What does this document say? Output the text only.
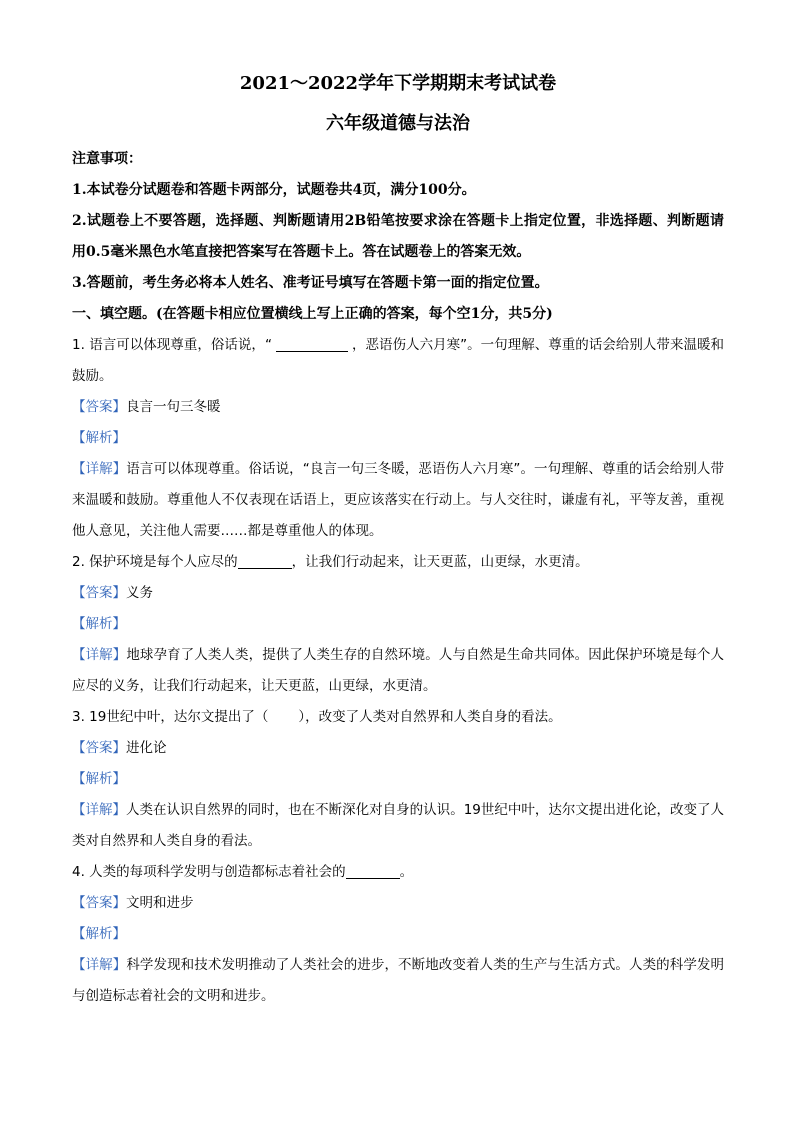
2021～2022学年下学期期末考试试卷
六年级道德与法治

注意事项：

1.本试卷分试题卷和答题卡两部分，试题卷共4页，满分100分。

2.试题卷上不要答题，选择题、判断题请用2B铅笔按要求涂在答题卡上指定位置，非选择题、判断题请用0.5毫米黑色水笔直接把答案写在答题卡上。答在试题卷上的答案无效。

3.答题前，考生务必将本人姓名、准考证号填写在答题卡第一面的指定位置。

一、填空题。(在答题卡相应位置横线上写上正确的答案，每个空1分，共5分)

1. 语言可以体现尊重，俗话说，“	，恶语伤人六月寒”。一句理解、尊重的话会给别人带来温暖和鼓励。

【答案】良言一句三冬暖

【解析】

【详解】语言可以体现尊重。俗话说，“良言一句三冬暖，恶语伤人六月寒”。一句理解、尊重的话会给别人带来温暖和鼓励。尊重他人不仅表现在话语上，更应该落实在行动上。与人交往时，谦虚有礼，平等友善，重视他人意见，关注他人需要……都是尊重他人的体现。

2. 保护环境是每个人应尽的	，让我们行动起来，让天更蓝，山更绿，水更清。

【答案】义务

【解析】

【详解】地球孕育了人类人类，提供了人类生存的自然环境。人与自然是生命共同体。因此保护环境是每个人应尽的义务，让我们行动起来，让天更蓝，山更绿，水更清。

3. 19世纪中叶，达尔文提出了（ ），改变了人类对自然界和人类自身的看法。

【答案】进化论

【解析】

【详解】人类在认识自然界的同时，也在不断深化对自身的认识。19世纪中叶，达尔文提出进化论，改变了人类对自然界和人类自身的看法。

4. 人类的每项科学发明与创造都标志着社会的	。

【答案】文明和进步

【解析】

【详解】科学发现和技术发明推动了人类社会的进步，不断地改变着人类的生产与生活方式。人类的科学发明与创造标志着社会的文明和进步。
